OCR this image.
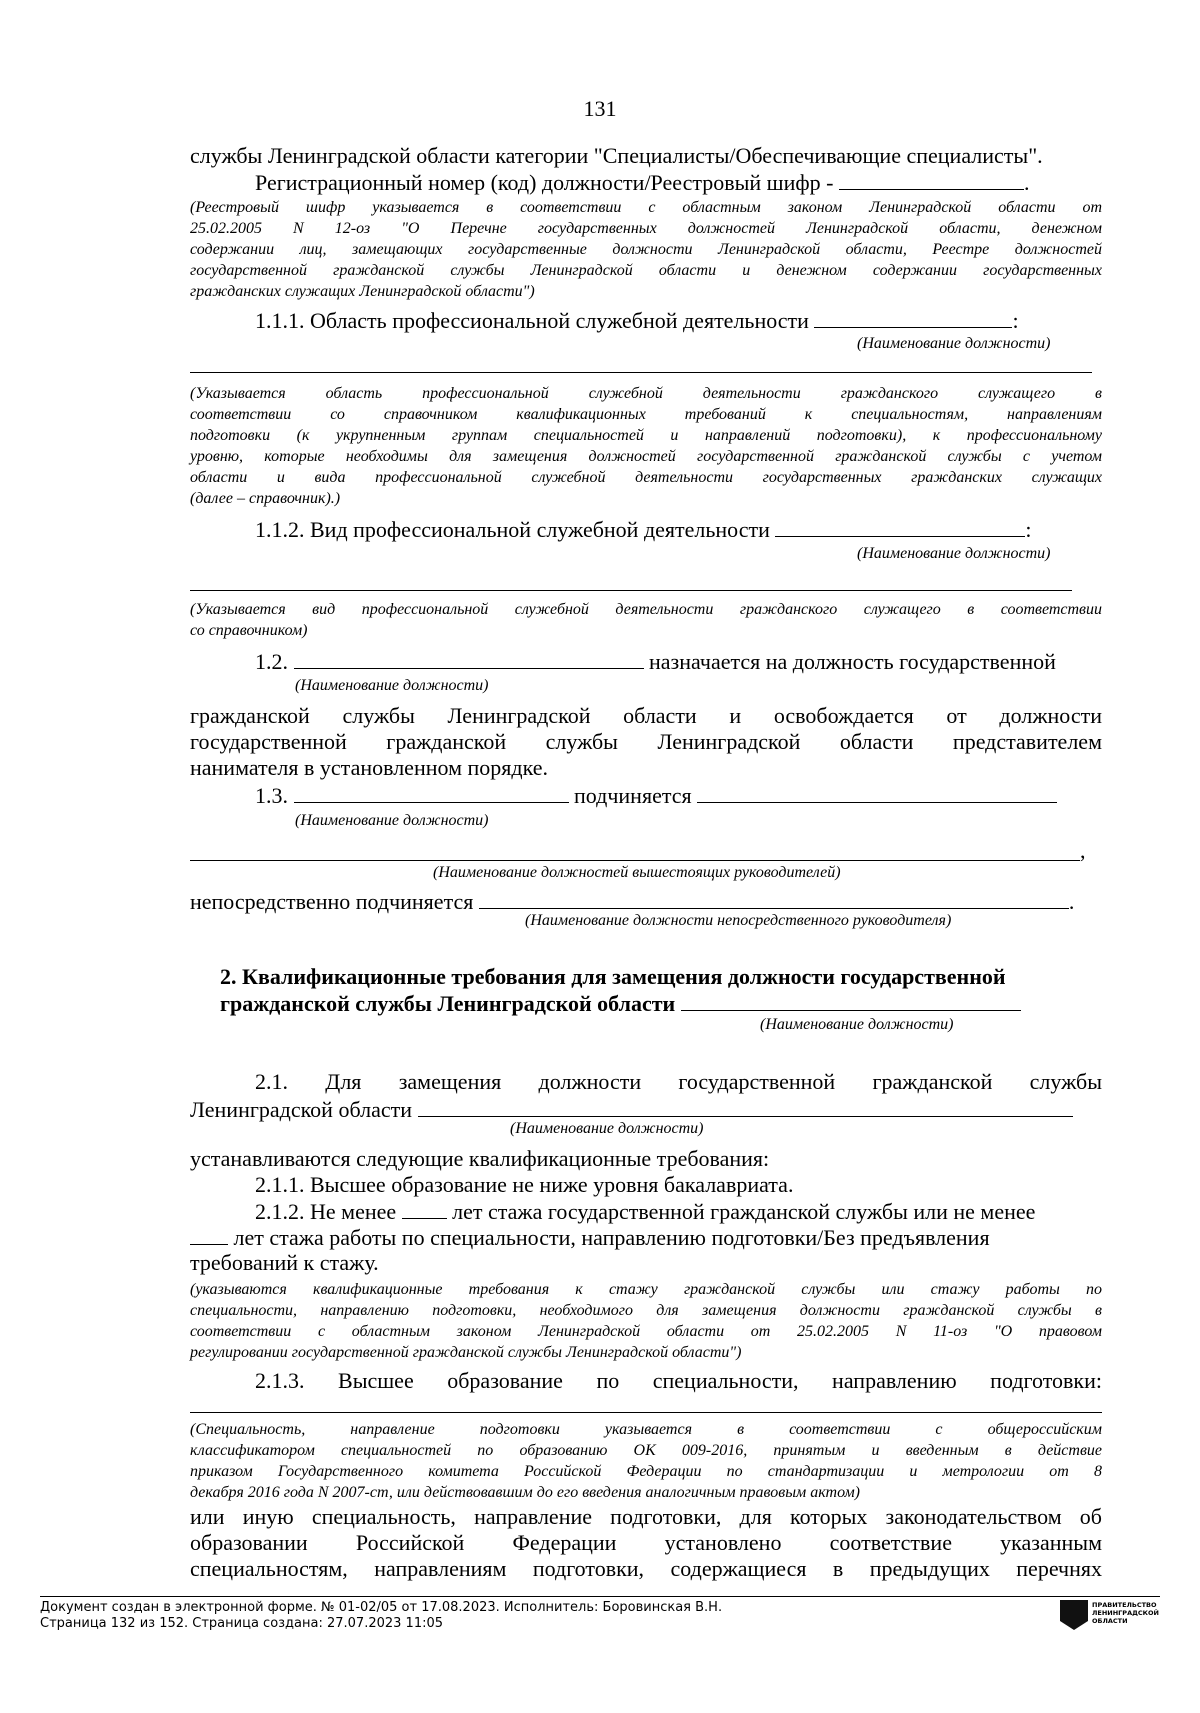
131
службы Ленинградской области категории "Специалисты/Обеспечивающие специалисты".
Регистрационный номер (код) должности/Реестровый шифр -	.
(Реестровый шифр указывается в соответствии с областным законом Ленинградской области от
25.02.2005 N 12-оз "О Перечне государственных должностей Ленинградской области, денежном
содержании лиц, замещающих государственные должности Ленинградской области, Реестре должностей
государственной гражданской службы Ленинградской области и денежном содержании государственных
гражданских служащих Ленинградской области")
1.1.1. Область профессиональной служебной деятельности	:
(Наименование должности)
(Указывается область профессиональной служебной деятельности гражданского служащего в
соответствии со справочником квалификационных требований к специальностям, направлениям
подготовки (к укрупненным группам специальностей и направлений подготовки), к профессиональному
уровню, которые необходимы для замещения должностей государственной гражданской службы с учетом
области и вида профессиональной служебной деятельности государственных гражданских служащих
(далее – справочник).)
1.1.2. Вид профессиональной служебной деятельности	:
(Наименование должности)
(Указывается вид профессиональной служебной деятельности гражданского служащего в соответствии
со справочником)
1.2.	назначается на должность государственной
(Наименование должности)
гражданской службы Ленинградской области и освобождается от должности
государственной гражданской службы Ленинградской области представителем
нанимателя в установленном порядке.
1.3.	подчиняется
(Наименование должности)
,
(Наименование должностей вышестоящих руководителей)
непосредственно подчиняется	.
(Наименование должности непосредственного руководителя)
2. Квалификационные требования для замещения должности государственной
гражданской службы Ленинградской области
(Наименование должности)
2.1. Для замещения должности государственной гражданской службы
Ленинградской области
(Наименование должности)
устанавливаются следующие квалификационные требования:
2.1.1. Высшее образование не ниже уровня бакалавриата.
2.1.2. Не менее	лет стажа государственной гражданской службы или не менее
лет стажа работы по специальности, направлению подготовки/Без предъявления
требований к стажу.
(указываются квалификационные требования к стажу гражданской службы или стажу работы по
специальности, направлению подготовки, необходимого для замещения должности гражданской службы в
соответствии с областным законом Ленинградской области от 25.02.2005 N 11-оз "О правовом
регулировании государственной гражданской службы Ленинградской области")
2.1.3. Высшее образование по специальности, направлению подготовки:
(Специальность, направление подготовки указывается в соответствии с общероссийским
классификатором специальностей по образованию ОК 009-2016, принятым и введенным в действие
приказом Государственного комитета Российской Федерации по стандартизации и метрологии от 8
декабря 2016 года N 2007-ст, или действовавшим до его введения аналогичным правовым актом)
или иную специальность, направление подготовки, для которых законодательством об
образовании Российской Федерации установлено соответствие указанным
специальностям, направлениям подготовки, содержащиеся в предыдущих перечнях
Документ создан в электронной форме. № 01-02/05 от 17.08.2023. Исполнитель: Боровинская В.Н.
Страница 132 из 152. Страница создана: 27.07.2023 11:05
ПРАВИТЕЛЬСТВО
ЛЕНИНГРАДСКОЙ
ОБЛАСТИ
